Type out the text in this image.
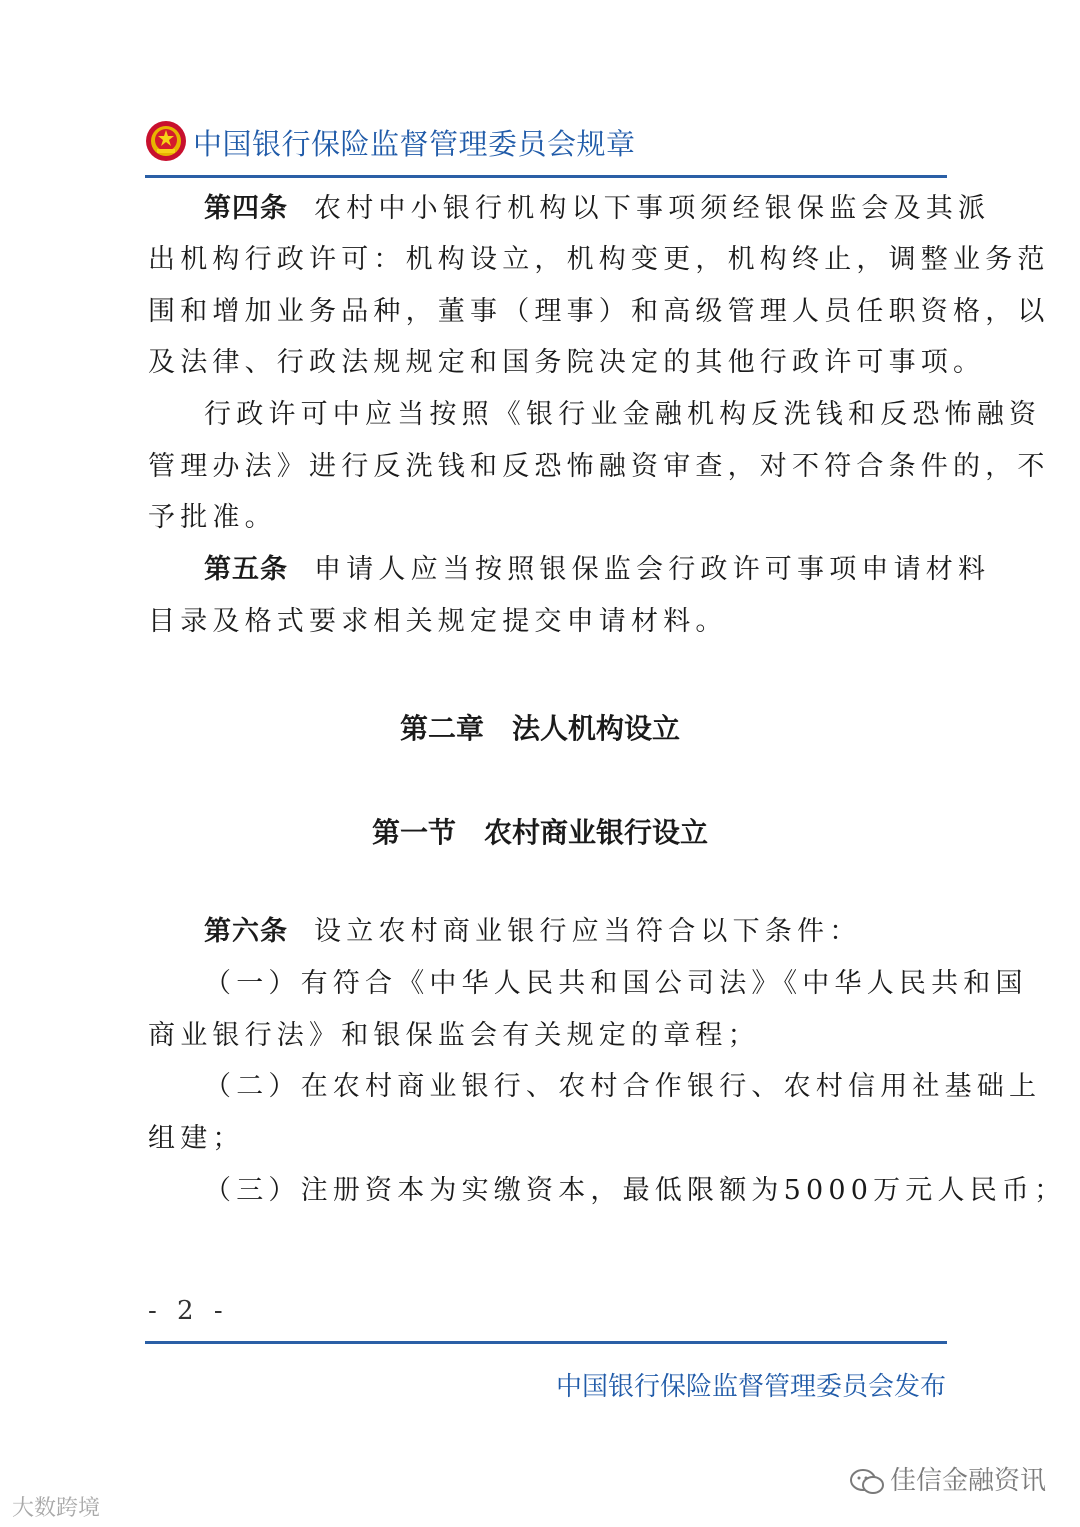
中国银行保险监督管理委员会规章
第四条 农村中小银行机构以下事项须经银保监会及其派
出机构行政许可：机构设立，机构变更，机构终止，调整业务范
围和增加业务品种，董事（理事）和高级管理人员任职资格，以
及法律、行政法规规定和国务院决定的其他行政许可事项。
行政许可中应当按照《银行业金融机构反洗钱和反恐怖融资
管理办法》进行反洗钱和反恐怖融资审查，对不符合条件的，不
予批准。
第五条 申请人应当按照银保监会行政许可事项申请材料
目录及格式要求相关规定提交申请材料。
第二章 法人机构设立
第一节 农村商业银行设立
第六条 设立农村商业银行应当符合以下条件：
（一）有符合《中华人民共和国公司法》《中华人民共和国
商业银行法》和银保监会有关规定的章程；
（二）在农村商业银行、农村合作银行、农村信用社基础上
组建；
（三）注册资本为实缴资本，最低限额为5000万元人民币；
- 2 -
中国银行保险监督管理委员会发布
大数跨境
佳信金融资讯
